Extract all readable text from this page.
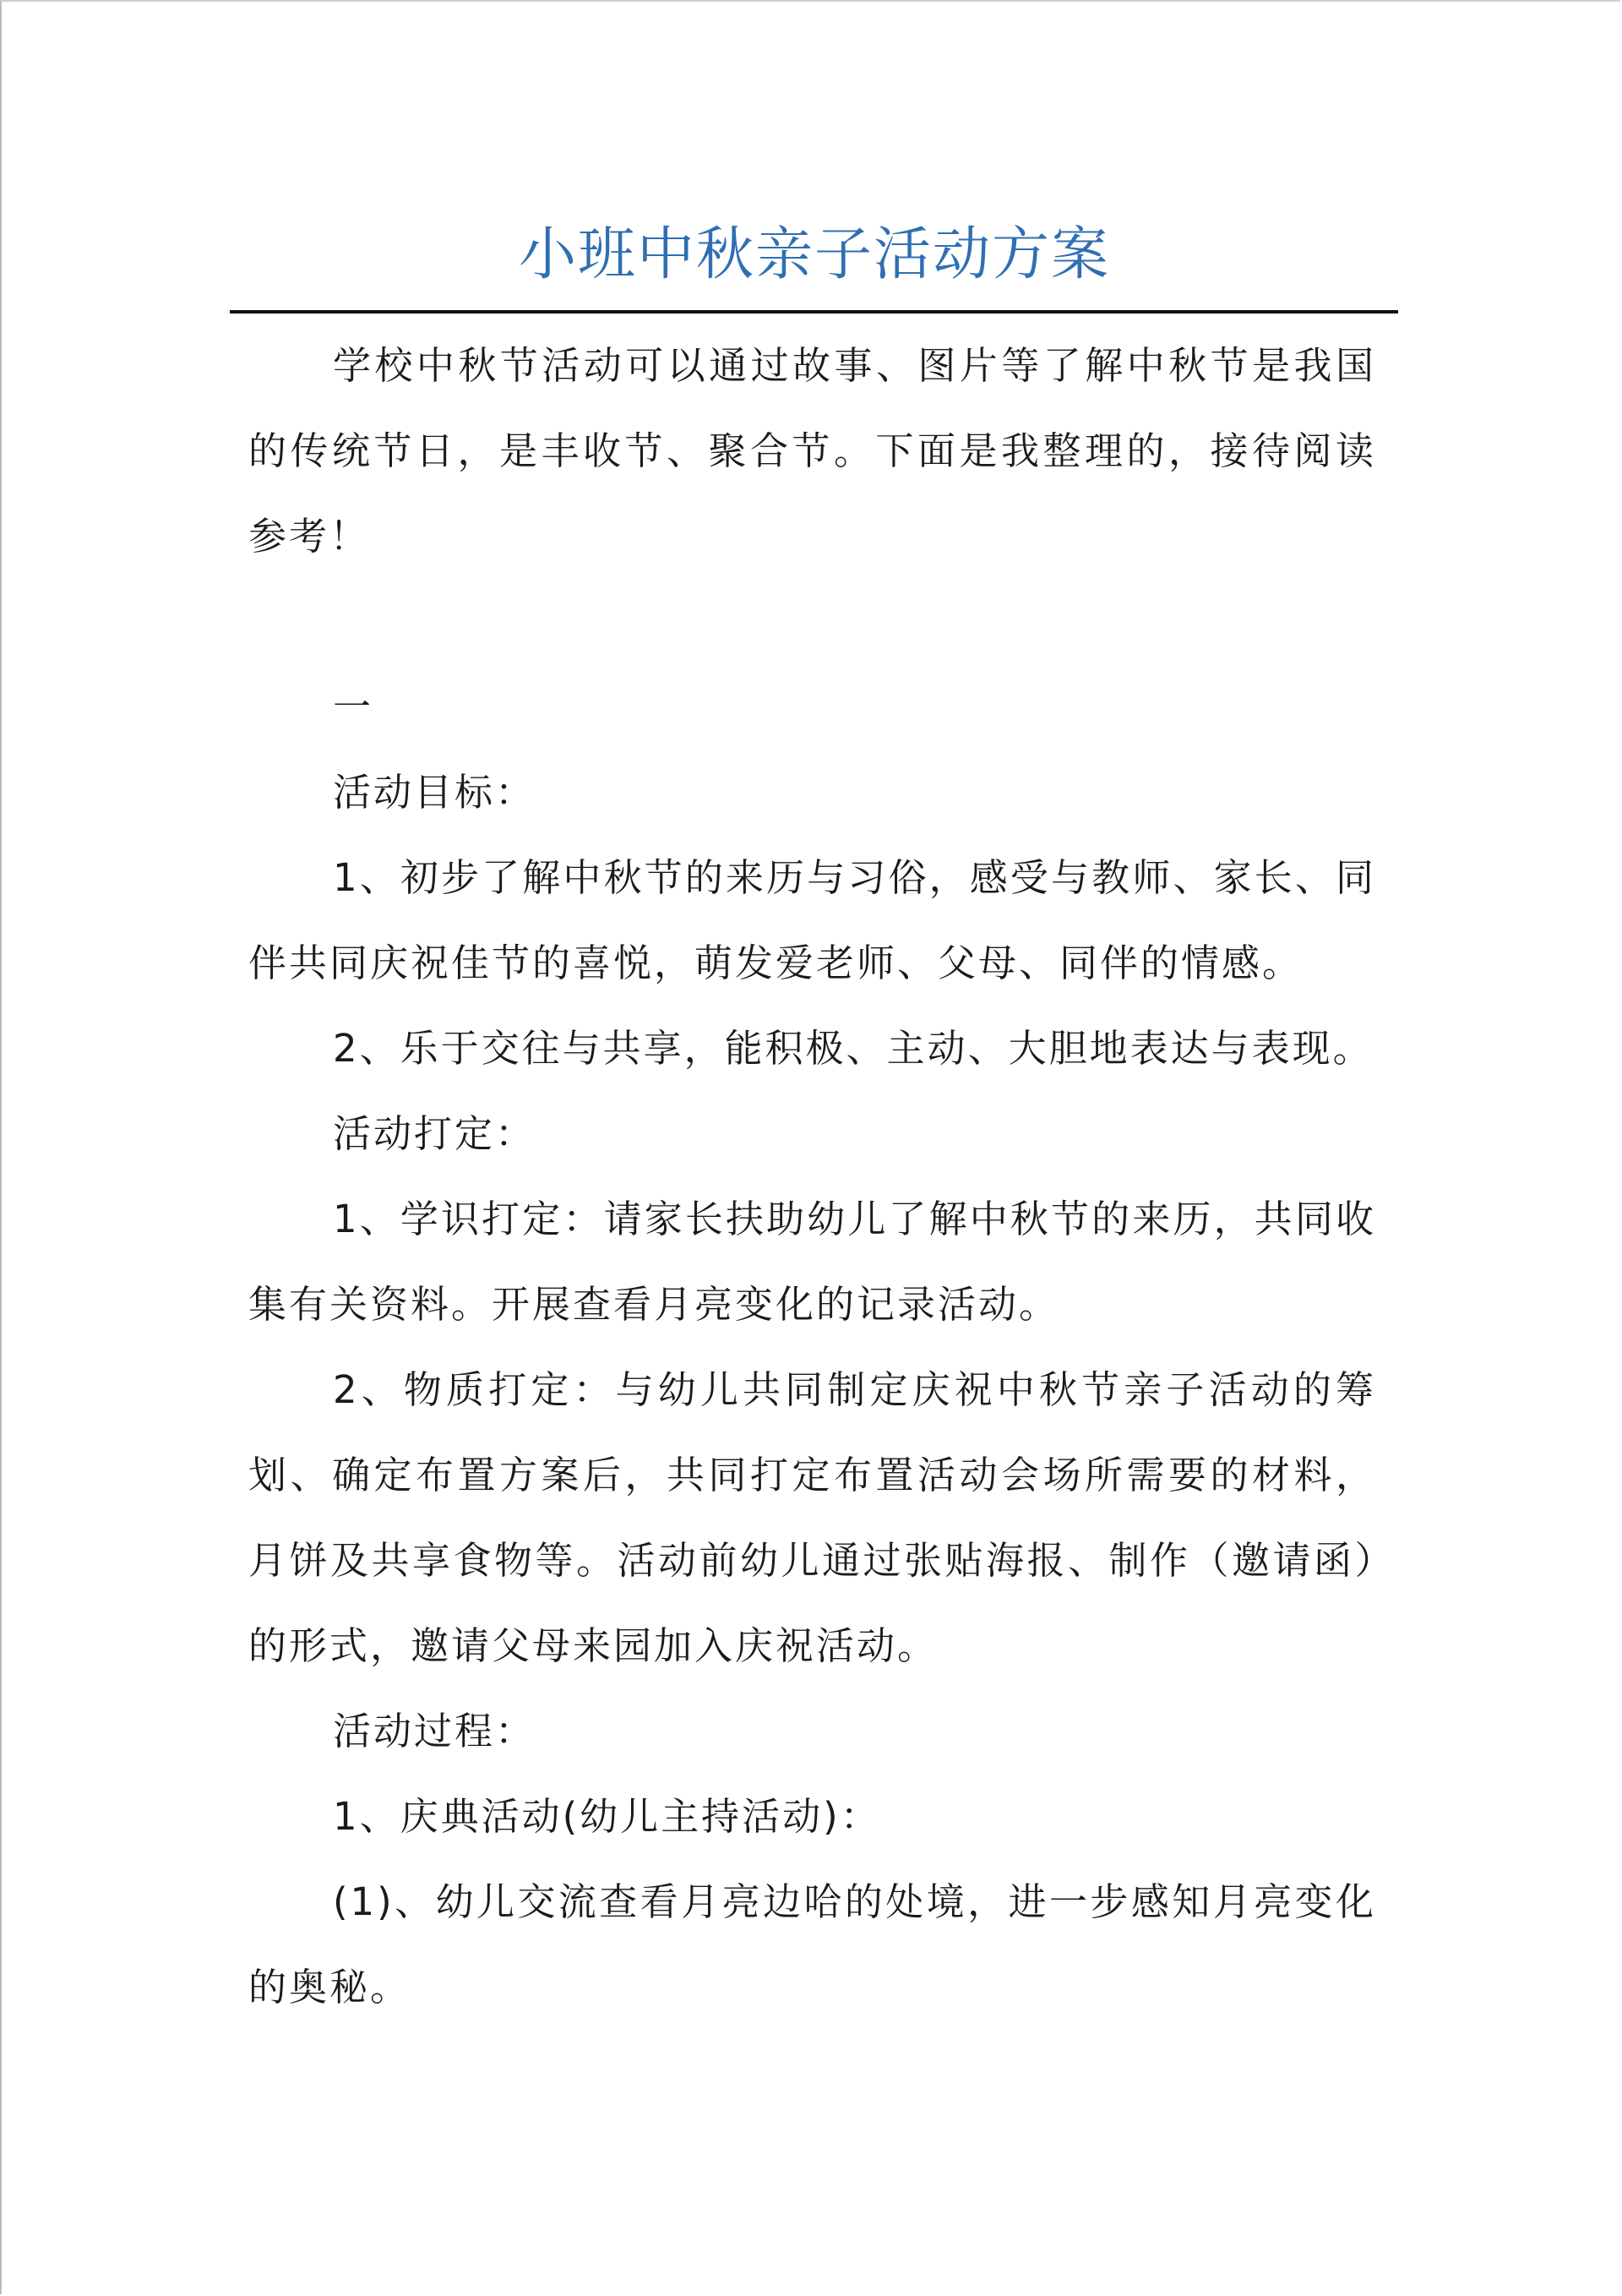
小班中秋亲子活动方案

学校中秋节活动可以通过故事、图片等了解中秋节是我国的传统节日，是丰收节、聚合节。下面是我整理的，接待阅读参考！

一

活动目标：

1、初步了解中秋节的来历与习俗，感受与教师、家长、同伴共同庆祝佳节的喜悦，萌发爱老师、父母、同伴的情感。

2、乐于交往与共享，能积极、主动、大胆地表达与表现。

活动打定：

1、学识打定：请家长扶助幼儿了解中秋节的来历，共同收集有关资料。开展查看月亮变化的记录活动。

2、物质打定：与幼儿共同制定庆祝中秋节亲子活动的筹划、确定布置方案后，共同打定布置活动会场所需要的材料，月饼及共享食物等。活动前幼儿通过张贴海报、制作（邀请函）的形式，邀请父母来园加入庆祝活动。

活动过程：

1、庆典活动(幼儿主持活动)：

(1)、幼儿交流查看月亮边哈的处境，进一步感知月亮变化的奥秘。
